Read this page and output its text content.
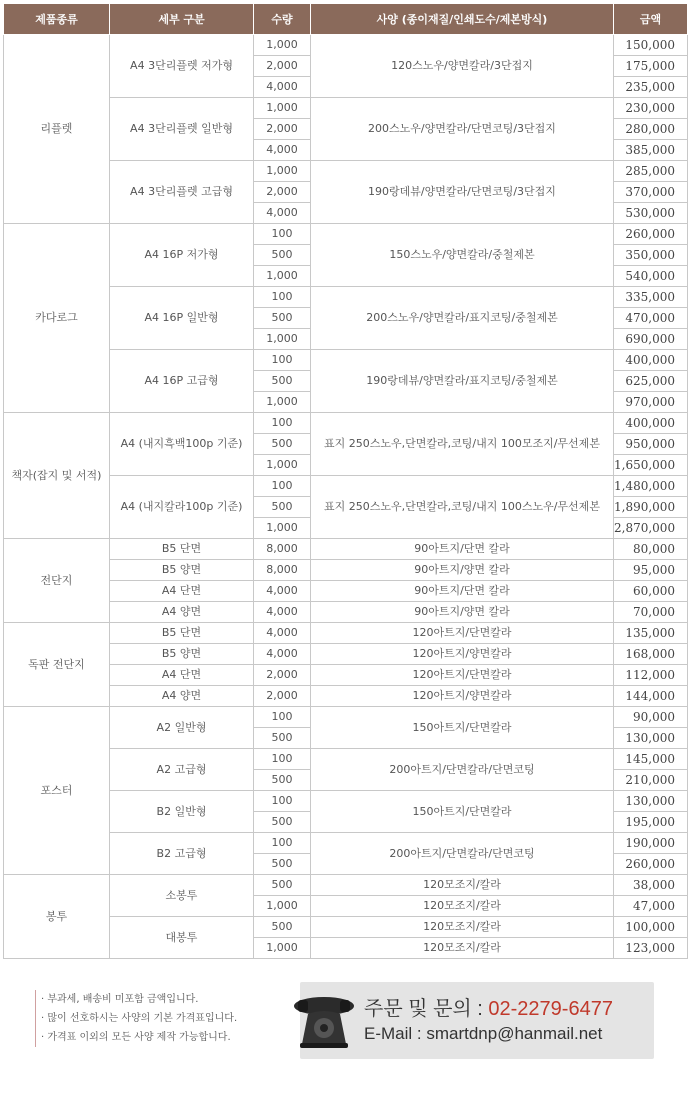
제품종류	세부 구분	수량	사양 (종이재질/인쇄도수/제본방식)	금액
리플렛	A4 3단리플렛 저가형	1,000	120스노우/양면칼라/3단접지	150,000
		2,000		175,000
		4,000		235,000
	A4 3단리플렛 일반형	1,000	200스노우/양면칼라/단면코팅/3단접지	230,000
		2,000		280,000
		4,000		385,000
	A4 3단리플렛 고급형	1,000	190랑데뷰/양면칼라/단면코팅/3단접지	285,000
		2,000		370,000
		4,000		530,000
카다로그	A4 16P 저가형	100	150스노우/양면칼라/중철제본	260,000
		500		350,000
		1,000		540,000
	A4 16P 일반형	100	200스노우/양면칼라/표지코팅/중철제본	335,000
		500		470,000
		1,000		690,000
	A4 16P 고급형	100	190랑데뷰/양면칼라/표지코팅/중철제본	400,000
		500		625,000
		1,000		970,000
책자(잡지 및 서적)	A4 (내지흑백100p 기준)	100	표지 250스노우,단면칼라,코팅/내지 100모조지/무선제본	400,000
		500		950,000
		1,000		1,650,000
	A4 (내지칼라100p 기준)	100	표지 250스노우,단면칼라,코팅/내지 100스노우/무선제본	1,480,000
		500		1,890,000
		1,000		2,870,000
전단지	B5 단면	8,000	90아트지/단면 칼라	80,000
	B5 양면	8,000	90아트지/양면 칼라	95,000
	A4 단면	4,000	90아트지/단면 칼라	60,000
	A4 양면	4,000	90아트지/양면 칼라	70,000
독판 전단지	B5 단면	4,000	120아트지/단면칼라	135,000
	B5 양면	4,000	120아트지/양면칼라	168,000
	A4 단면	2,000	120아트지/단면칼라	112,000
	A4 양면	2,000	120아트지/양면칼라	144,000
포스터	A2 일반형	100	150아트지/단면칼라	90,000
		500		130,000
	A2 고급형	100	200아트지/단면칼라/단면코팅	145,000
		500		210,000
	B2 일반형	100	150아트지/단면칼라	130,000
		500		195,000
	B2 고급형	100	200아트지/단면칼라/단면코팅	190,000
		500		260,000
봉투	소봉투	500	120모조지/칼라	38,000
		1,000	120모조지/칼라	47,000
	대봉투	500	120모조지/칼라	100,000
		1,000	120모조지/칼라	123,000
· 부과세, 배송비 미포함 금액입니다.
· 많이 선호하시는 사양의 기본 가격표입니다.
· 가격표 이외의 모든 사양 제작 가능합니다.
주문 및 문의 : 02-2279-6477
E-Mail : smartdnp@hanmail.net
